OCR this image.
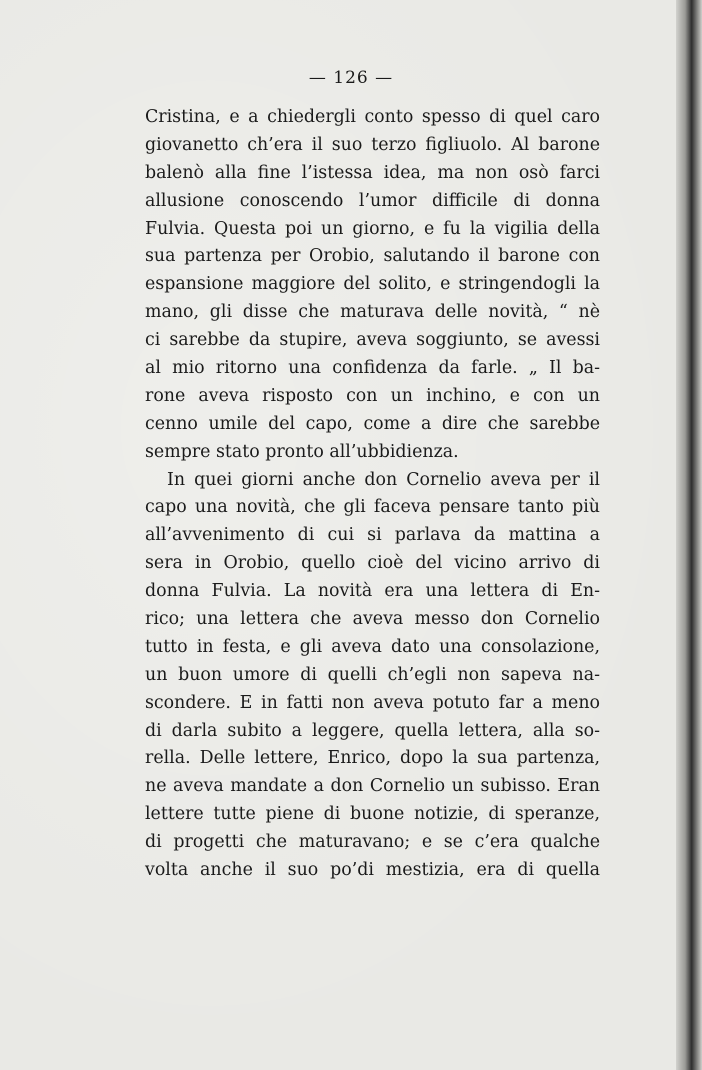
— 126 —
Cristina, e a chiedergli conto spesso di quel caro
giovanetto ch’era il suo terzo figliuolo. Al barone
balenò alla fine l’istessa idea, ma non osò farci
allusione conoscendo l’umor difficile di donna
Fulvia. Questa poi un giorno, e fu la vigilia della
sua partenza per Orobio, salutando il barone con
espansione maggiore del solito, e stringendogli la
mano, gli disse che maturava delle novità, “ nè
ci sarebbe da stupire, aveva soggiunto, se avessi
al mio ritorno una confidenza da farle. „ Il ba-
rone aveva risposto con un inchino, e con un
cenno umile del capo, come a dire che sarebbe
sempre stato pronto all’ubbidienza.
In quei giorni anche don Cornelio aveva per il
capo una novità, che gli faceva pensare tanto più
all’avvenimento di cui si parlava da mattina a
sera in Orobio, quello cioè del vicino arrivo di
donna Fulvia. La novità era una lettera di En-
rico; una lettera che aveva messo don Cornelio
tutto in festa, e gli aveva dato una consolazione,
un buon umore di quelli ch’egli non sapeva na-
scondere. E in fatti non aveva potuto far a meno
di darla subito a leggere, quella lettera, alla so-
rella. Delle lettere, Enrico, dopo la sua partenza,
ne aveva mandate a don Cornelio un subisso. Eran
lettere tutte piene di buone notizie, di speranze,
di progetti che maturavano; e se c’era qualche
volta anche il suo po’di mestizia, era di quella
